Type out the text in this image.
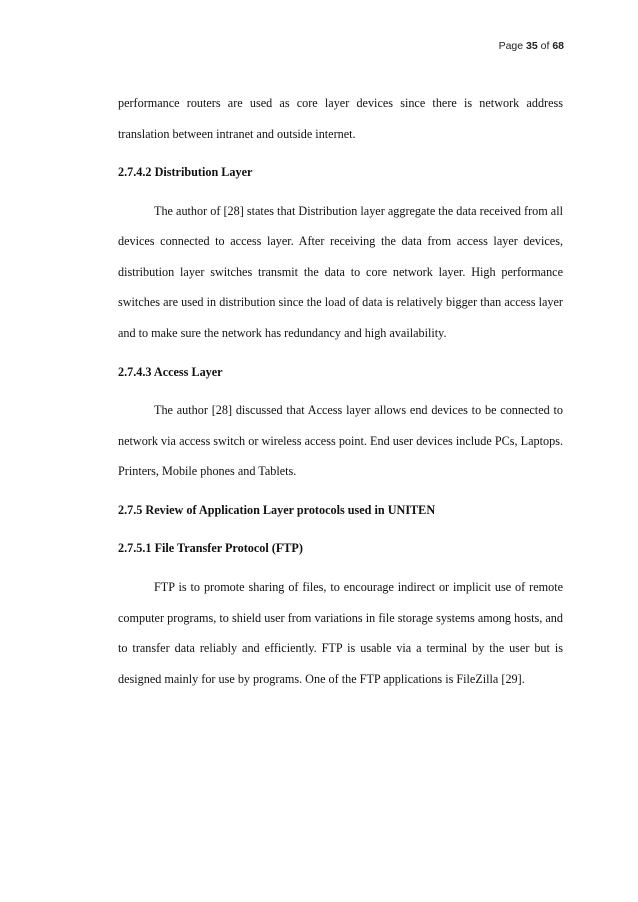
Page 35 of 68

performance routers are used as core layer devices since there is network address translation between intranet and outside internet.

2.7.4.2 Distribution Layer

The author of [28] states that Distribution layer aggregate the data received from all devices connected to access layer. After receiving the data from access layer devices, distribution layer switches transmit the data to core network layer. High performance switches are used in distribution since the load of data is relatively bigger than access layer and to make sure the network has redundancy and high availability.

2.7.4.3 Access Layer

The author [28] discussed that Access layer allows end devices to be connected to network via access switch or wireless access point. End user devices include PCs, Laptops. Printers, Mobile phones and Tablets.

2.7.5 Review of Application Layer protocols used in UNITEN
2.7.5.1 File Transfer Protocol (FTP)

FTP is to promote sharing of files, to encourage indirect or implicit use of remote computer programs, to shield user from variations in file storage systems among hosts, and to transfer data reliably and efficiently. FTP is usable via a terminal by the user but is designed mainly for use by programs. One of the FTP applications is FileZilla [29].
